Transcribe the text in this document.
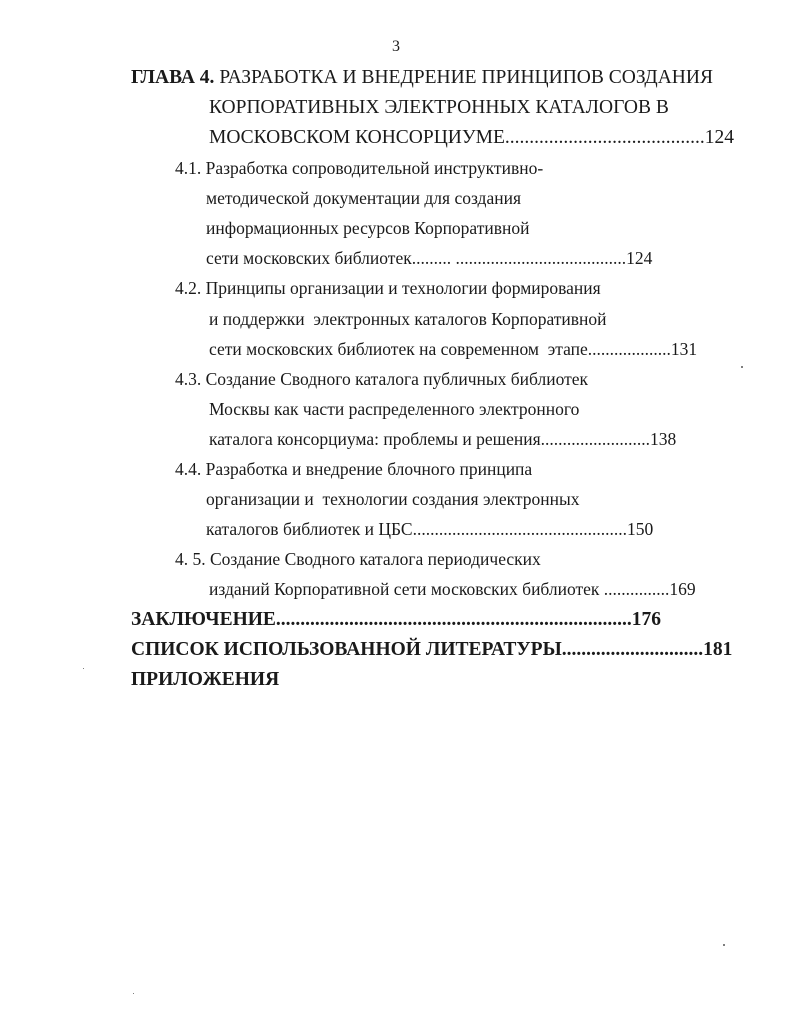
3
ГЛАВА 4. РАЗРАБОТКА И ВНЕДРЕНИЕ ПРИНЦИПОВ СОЗДАНИЯ
КОРПОРАТИВНЫХ ЭЛЕКТРОННЫХ КАТАЛОГОВ В
МОСКОВСКОМ КОНСОРЦИУМЕ.........................................124
4.1. Разработка сопроводительной инструктивно-
методической документации для создания
информационных ресурсов Корпоративной
сети московских библиотек......... .......................................124
4.2. Принципы организации и технологии формирования
и поддержки  электронных каталогов Корпоративной
сети московских библиотек на современном  этапе...................131
4.3. Создание Сводного каталога публичных библиотек
Москвы как части распределенного электронного
каталога консорциума: проблемы и решения.........................138
4.4. Разработка и внедрение блочного принципа
организации и  технологии создания электронных
каталогов библиотек и ЦБС.................................................150
4. 5. Создание Сводного каталога периодических
изданий Корпоративной сети московских библиотек ...............169
ЗАКЛЮЧЕНИЕ.........................................................................176
СПИСОК ИСПОЛЬЗОВАННОЙ ЛИТЕРАТУРЫ.............................181
ПРИЛОЖЕНИЯ
